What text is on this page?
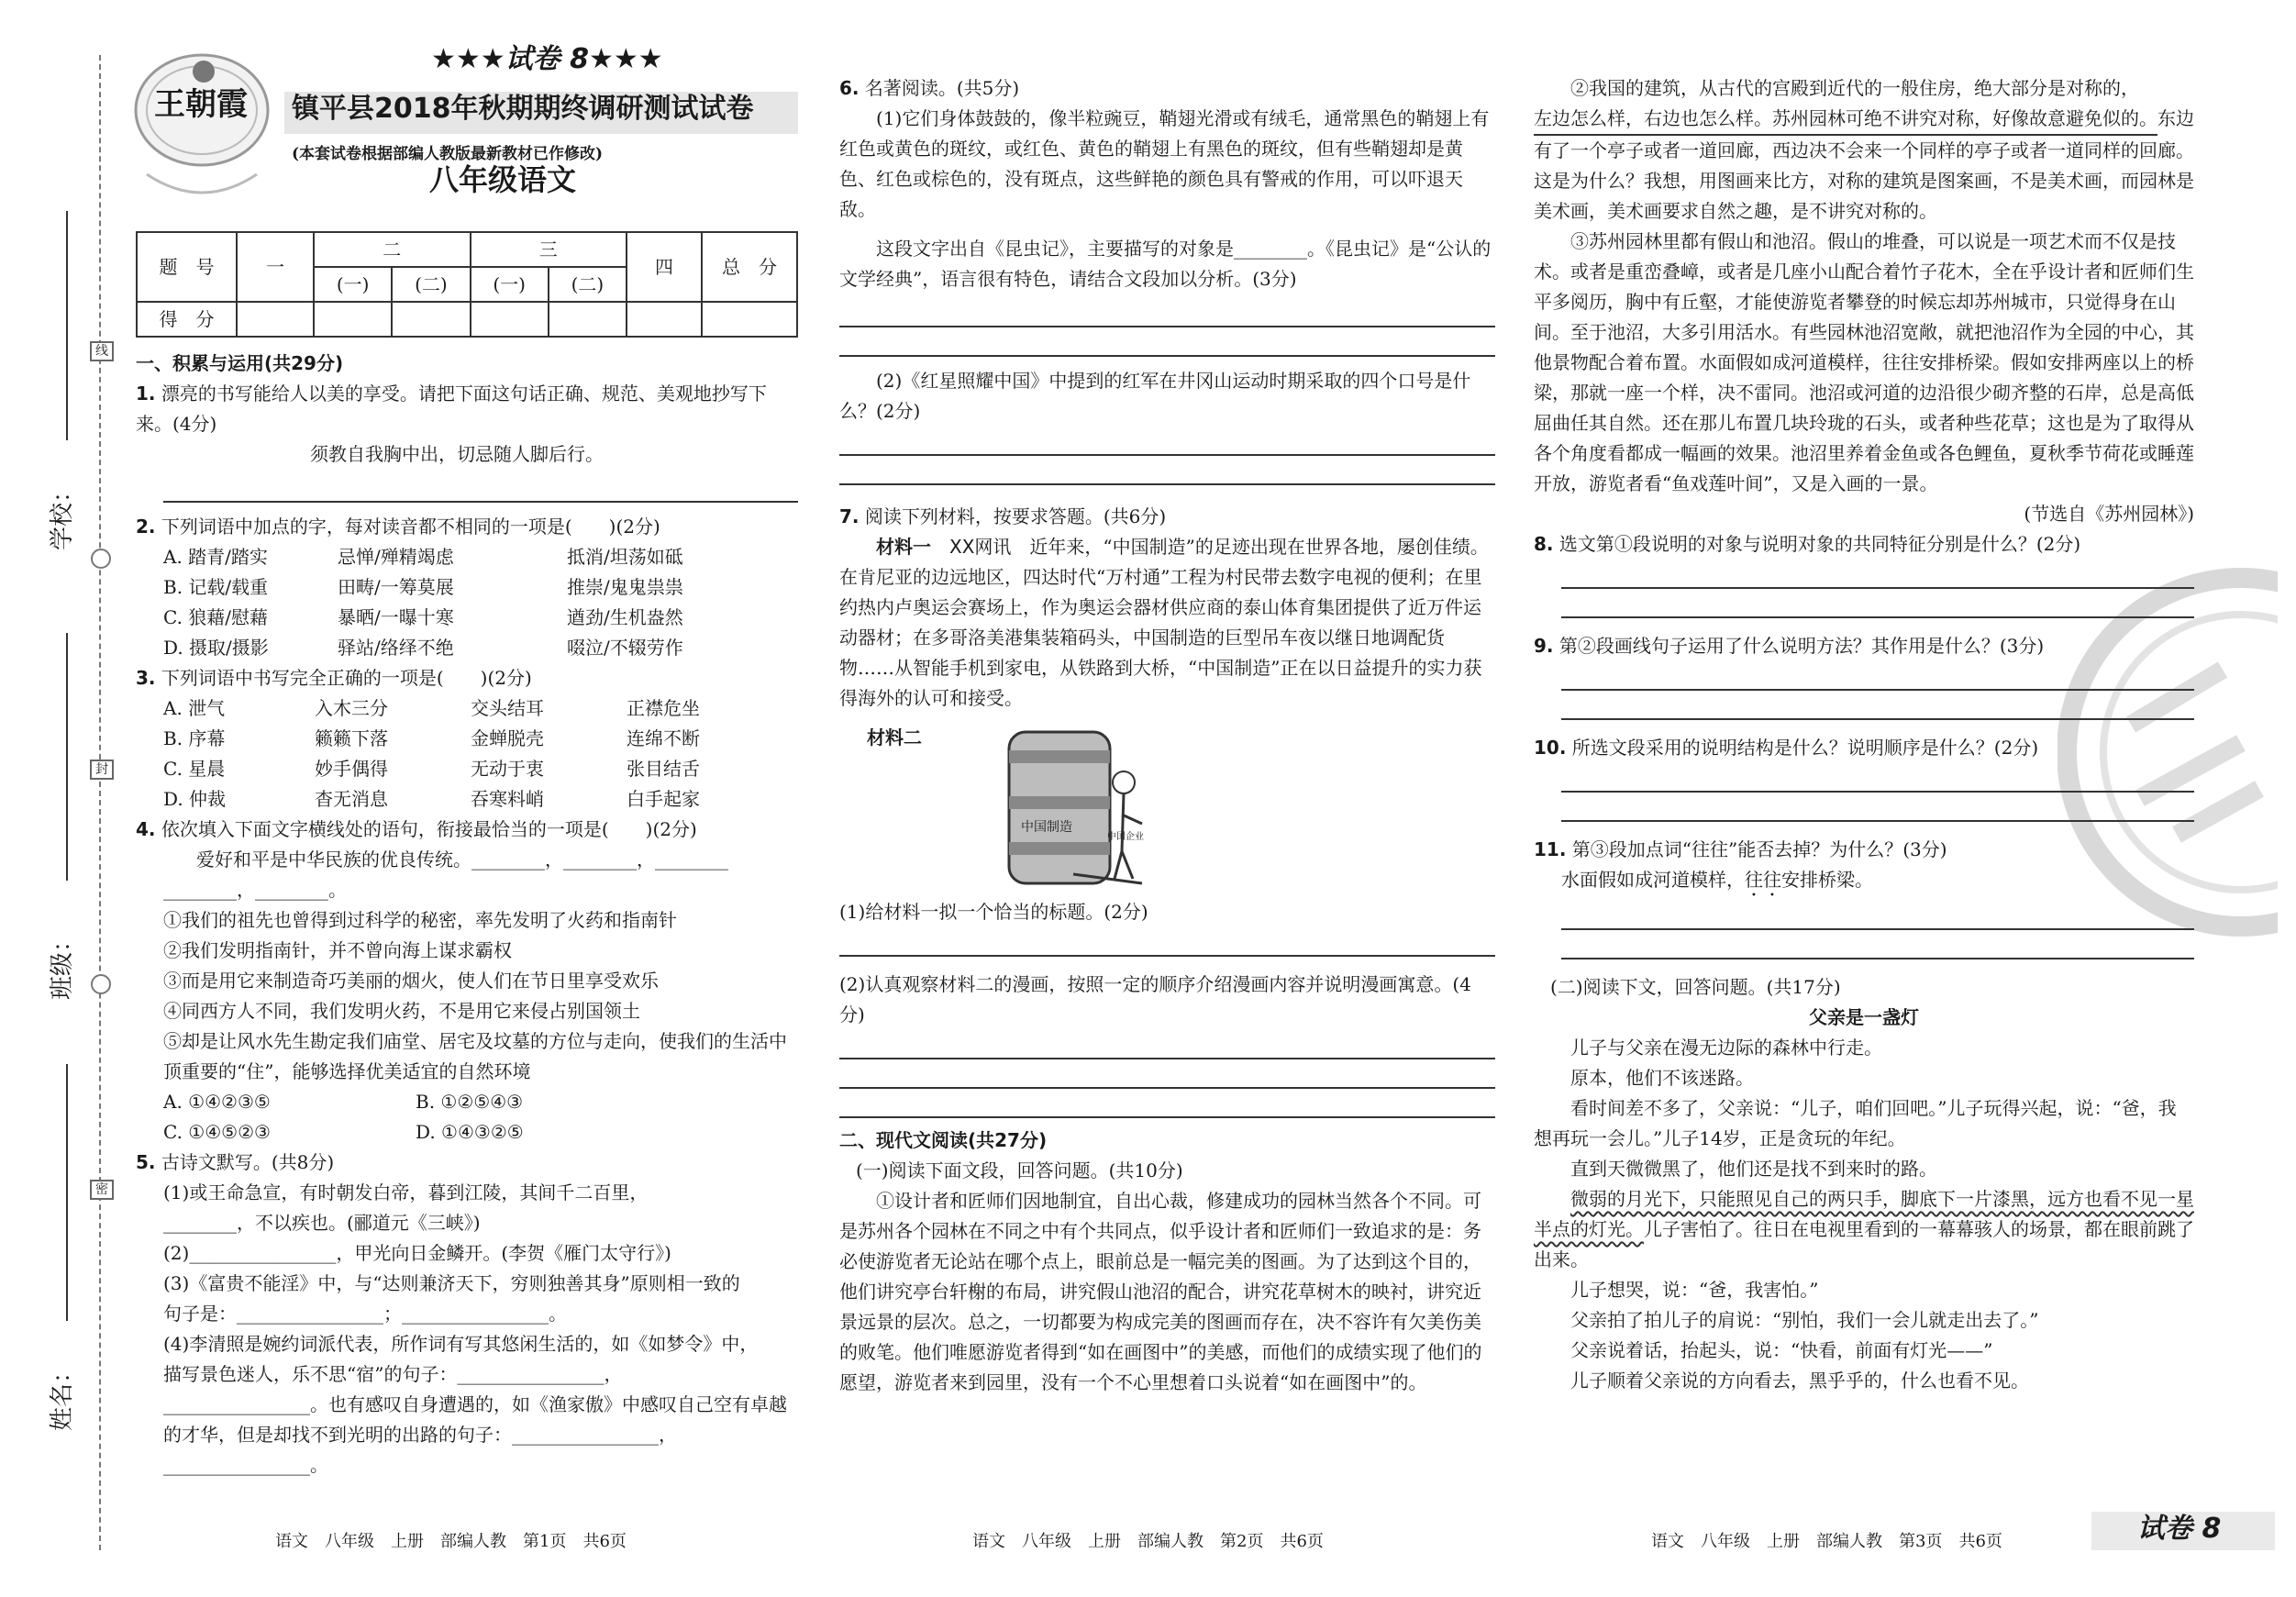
线
封
密
学校：
班级：
姓名：
王朝霞
★★★试卷 8★★★
镇平县2018年秋期期终调研测试试卷
(本套试卷根据部编人教版最新教材已作修改)
八年级语文
题　号	一	二		三		四	总　分
		(一)	(二)	(一)	(二)		
得　分							

一、积累与运用(共29分)

1. 漂亮的书写能给人以美的享受。请把下面这句话正确、规范、美观地抄写下来。(4分)

须教自我胸中出，切忌随人脚后行。

2. 下列词语中加点的字，每对读音都不相同的一项是(　　)(2分)

A. 踏青/踏实	忌惮/殚精竭虑	抵消/坦荡如砥
B. 记载/载重	田畴/一筹莫展	推崇/鬼鬼祟祟
C. 狼藉/慰藉	暴晒/一曝十寒	遒劲/生机盎然
D. 摄取/摄影	驿站/络绎不绝	啜泣/不辍劳作

3. 下列词语中书写完全正确的一项是(　　)(2分)

A. 泄气	入木三分	交头结耳	正襟危坐
B. 序幕	籁籁下落	金蝉脱壳	连绵不断
C. 星晨	妙手偶得	无动于衷	张目结舌
D. 仲裁	杳无消息	吞寒料峭	白手起家

4. 依次填入下面文字横线处的语句，衔接最恰当的一项是(　　)(2分)

爱好和平是中华民族的优良传统。________，________，________

________，________。

①我们的祖先也曾得到过科学的秘密，率先发明了火药和指南针

②我们发明指南针，并不曾向海上谋求霸权

③而是用它来制造奇巧美丽的烟火，使人们在节日里享受欢乐

④同西方人不同，我们发明火药，不是用它来侵占别国领土

⑤却是让风水先生勘定我们庙堂、居宅及坟墓的方位与走向，使我们的生活中顶重要的“住”，能够选择优美适宜的自然环境

A. ①④②③⑤	B. ①②⑤④③
C. ①④⑤②③	D. ①④③②⑤

5. 古诗文默写。(共8分)

(1)或王命急宣，有时朝发白帝，暮到江陵，其间千二百里，

________，不以疾也。(郦道元《三峡》)

(2)________________，甲光向日金鳞开。(李贺《雁门太守行》)

(3)《富贵不能淫》中，与“达则兼济天下，穷则独善其身”原则相一致的

句子是：________________；________________。

(4)李清照是婉约词派代表，所作词有写其悠闲生活的，如《如梦令》中，

描写景色迷人，乐不思“宿”的句子：________________，

________________。也有感叹自身遭遇的，如《渔家傲》中感叹自己空有卓越

的才华，但是却找不到光明的出路的句子：________________，

________________。

语文　八年级　上册　部编人教　第1页　共6页

6. 名著阅读。(共5分)

(1)它们身体鼓鼓的，像半粒豌豆，鞘翅光滑或有绒毛，通常黑色的鞘翅上有红色或黄色的斑纹，或红色、黄色的鞘翅上有黑色的斑纹，但有些鞘翅却是黄色、红色或棕色的，没有斑点，这些鲜艳的颜色具有警戒的作用，可以吓退天敌。

这段文字出自《昆虫记》，主要描写的对象是________。《昆虫记》是“公认的文学经典”，语言很有特色，请结合文段加以分析。(3分)

(2)《红星照耀中国》中提到的红军在井冈山运动时期采取的四个口号是什么？(2分)

7. 阅读下列材料，按要求答题。(共6分)

材料一　 XX网讯　 近年来，“中国制造”的足迹出现在世界各地，屡创佳绩。在肯尼亚的边远地区，四达时代“万村通”工程为村民带去数字电视的便利；在里约热内卢奥运会赛场上，作为奥运会器材供应商的泰山体育集团提供了近万件运动器材；在多哥洛美港集装箱码头，中国制造的巨型吊车夜以继日地调配货物……从智能手机到家电，从铁路到大桥，“中国制造”正在以日益提升的实力获得海外的认可和接受。

材料二
中国制造
中国企业

(1)给材料一拟一个恰当的标题。(2分)

(2)认真观察材料二的漫画，按照一定的顺序介绍漫画内容并说明漫画寓意。(4分)

二、现代文阅读(共27分)

(一)阅读下面文段，回答问题。(共10分)

①设计者和匠师们因地制宜，自出心裁，修建成功的园林当然各个不同。可是苏州各个园林在不同之中有个共同点，似乎设计者和匠师们一致追求的是：务必使游览者无论站在哪个点上，眼前总是一幅完美的图画。为了达到这个目的，他们讲究亭台轩榭的布局，讲究假山池沼的配合，讲究花草树木的映衬，讲究近景远景的层次。总之，一切都要为构成完美的图画而存在，决不容许有欠美伤美的败笔。他们唯愿游览者得到“如在画图中”的美感，而他们的成绩实现了他们的愿望，游览者来到园里，没有一个不心里想着口头说着“如在画图中”的。

语文　八年级　上册　部编人教　第2页　共6页

②我国的建筑，从古代的宫殿到近代的一般住房，绝大部分是对称的，

左边怎么样，右边也怎么样。苏州园林可绝不讲究对称，好像故意避免似的。东边有了一个亭子或者一道回廊，西边决不会来一个同样的亭子或者一道同样的回廊。这是为什么？我想，用图画来比方，对称的建筑是图案画，不是美术画，而园林是美术画，美术画要求自然之趣，是不讲究对称的。

③苏州园林里都有假山和池沼。假山的堆叠，可以说是一项艺术而不仅是技术。或者是重峦叠嶂，或者是几座小山配合着竹子花木，全在乎设计者和匠师们生平多阅历，胸中有丘壑，才能使游览者攀登的时候忘却苏州城市，只觉得身在山间。至于池沼，大多引用活水。有些园林池沼宽敞，就把池沼作为全园的中心，其他景物配合着布置。水面假如成河道模样，往往安排桥梁。假如安排两座以上的桥梁，那就一座一个样，决不雷同。池沼或河道的边沿很少砌齐整的石岸，总是高低屈曲任其自然。还在那儿布置几块玲珑的石头，或者种些花草；这也是为了取得从各个角度看都成一幅画的效果。池沼里养着金鱼或各色鲤鱼，夏秋季节荷花或睡莲开放，游览者看“鱼戏莲叶间”，又是入画的一景。

(节选自《苏州园林》)

8. 选文第①段说明的对象与说明对象的共同特征分别是什么？(2分)

9. 第②段画线句子运用了什么说明方法？其作用是什么？(3分)

10. 所选文段采用的说明结构是什么？说明顺序是什么？(2分)

11. 第③段加点词“往往”能否去掉？为什么？(3分)

水面假如成河道模样，往往安排桥梁。

(二)阅读下文，回答问题。(共17分)

父亲是一盏灯

儿子与父亲在漫无边际的森林中行走。

原本，他们不该迷路。

看时间差不多了，父亲说：“儿子，咱们回吧。”儿子玩得兴起，说：“爸，我想再玩一会儿。”儿子14岁，正是贪玩的年纪。

直到天微微黑了，他们还是找不到来时的路。

微弱的月光下，只能照见自己的两只手，脚底下一片漆黑，远方也看不见一星半点的灯光。儿子害怕了。往日在电视里看到的一幕幕骇人的场景，都在眼前跳了出来。

儿子想哭，说：“爸，我害怕。”

父亲拍了拍儿子的肩说：“别怕，我们一会儿就走出去了。”

父亲说着话，抬起头，说：“快看，前面有灯光——”

儿子顺着父亲说的方向看去，黑乎乎的，什么也看不见。

语文　八年级　上册　部编人教　第3页　共6页	试卷 8
